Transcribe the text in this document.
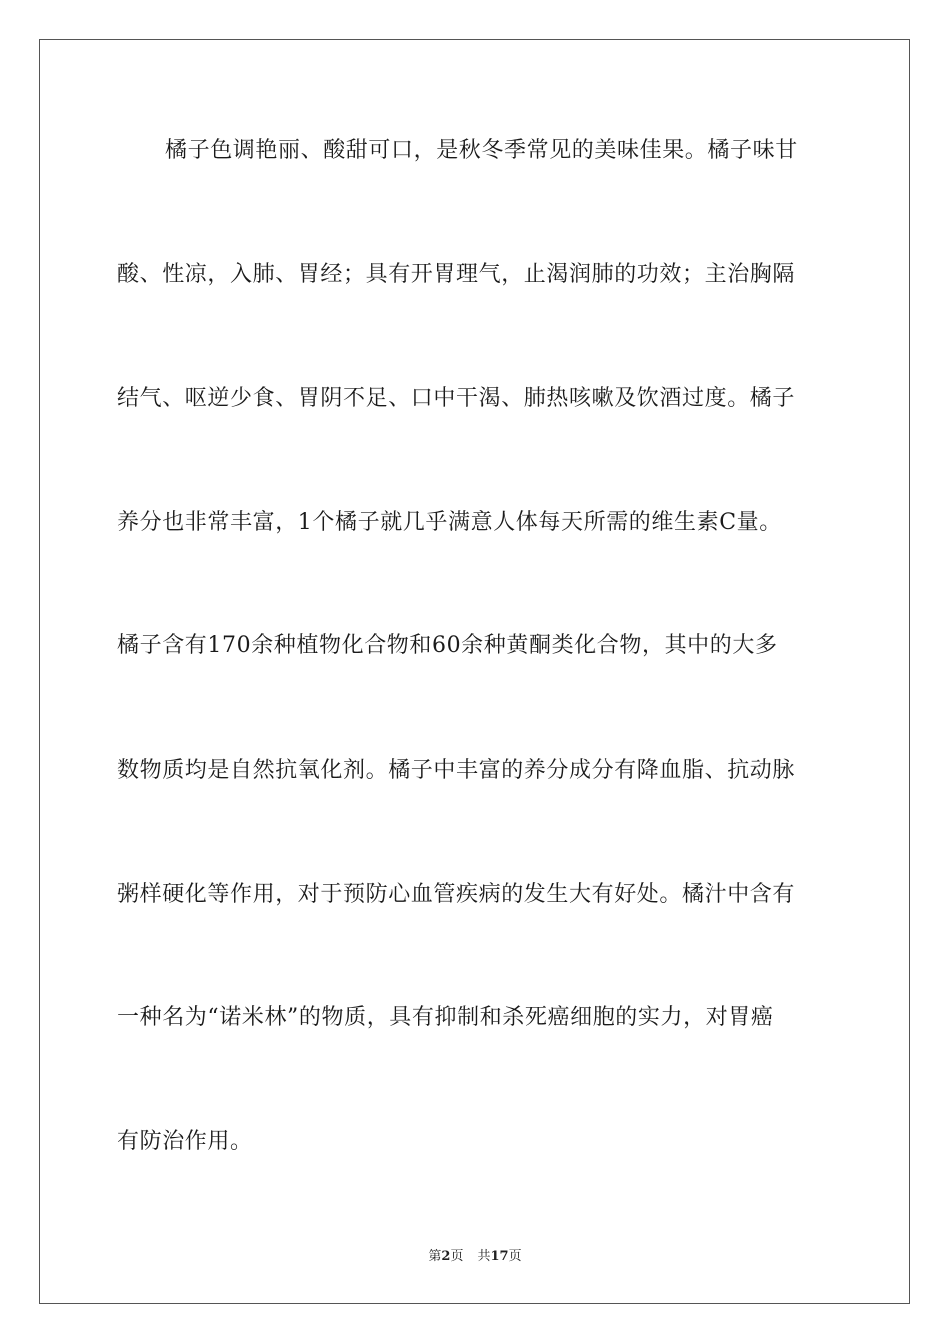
橘子色调艳丽、酸甜可口，是秋冬季常见的美味佳果。橘子味甘
酸、性凉，入肺、胃经；具有开胃理气，止渴润肺的功效；主治胸隔
结气、呕逆少食、胃阴不足、口中干渴、肺热咳嗽及饮酒过度。橘子
养分也非常丰富，1个橘子就几乎满意人体每天所需的维生素C量。
橘子含有170余种植物化合物和60余种黄酮类化合物，其中的大多
数物质均是自然抗氧化剂。橘子中丰富的养分成分有降血脂、抗动脉
粥样硬化等作用，对于预防心血管疾病的发生大有好处。橘汁中含有
一种名为“诺米林”的物质，具有抑制和杀死癌细胞的实力，对胃癌
有防治作用。
第2页 共17页
